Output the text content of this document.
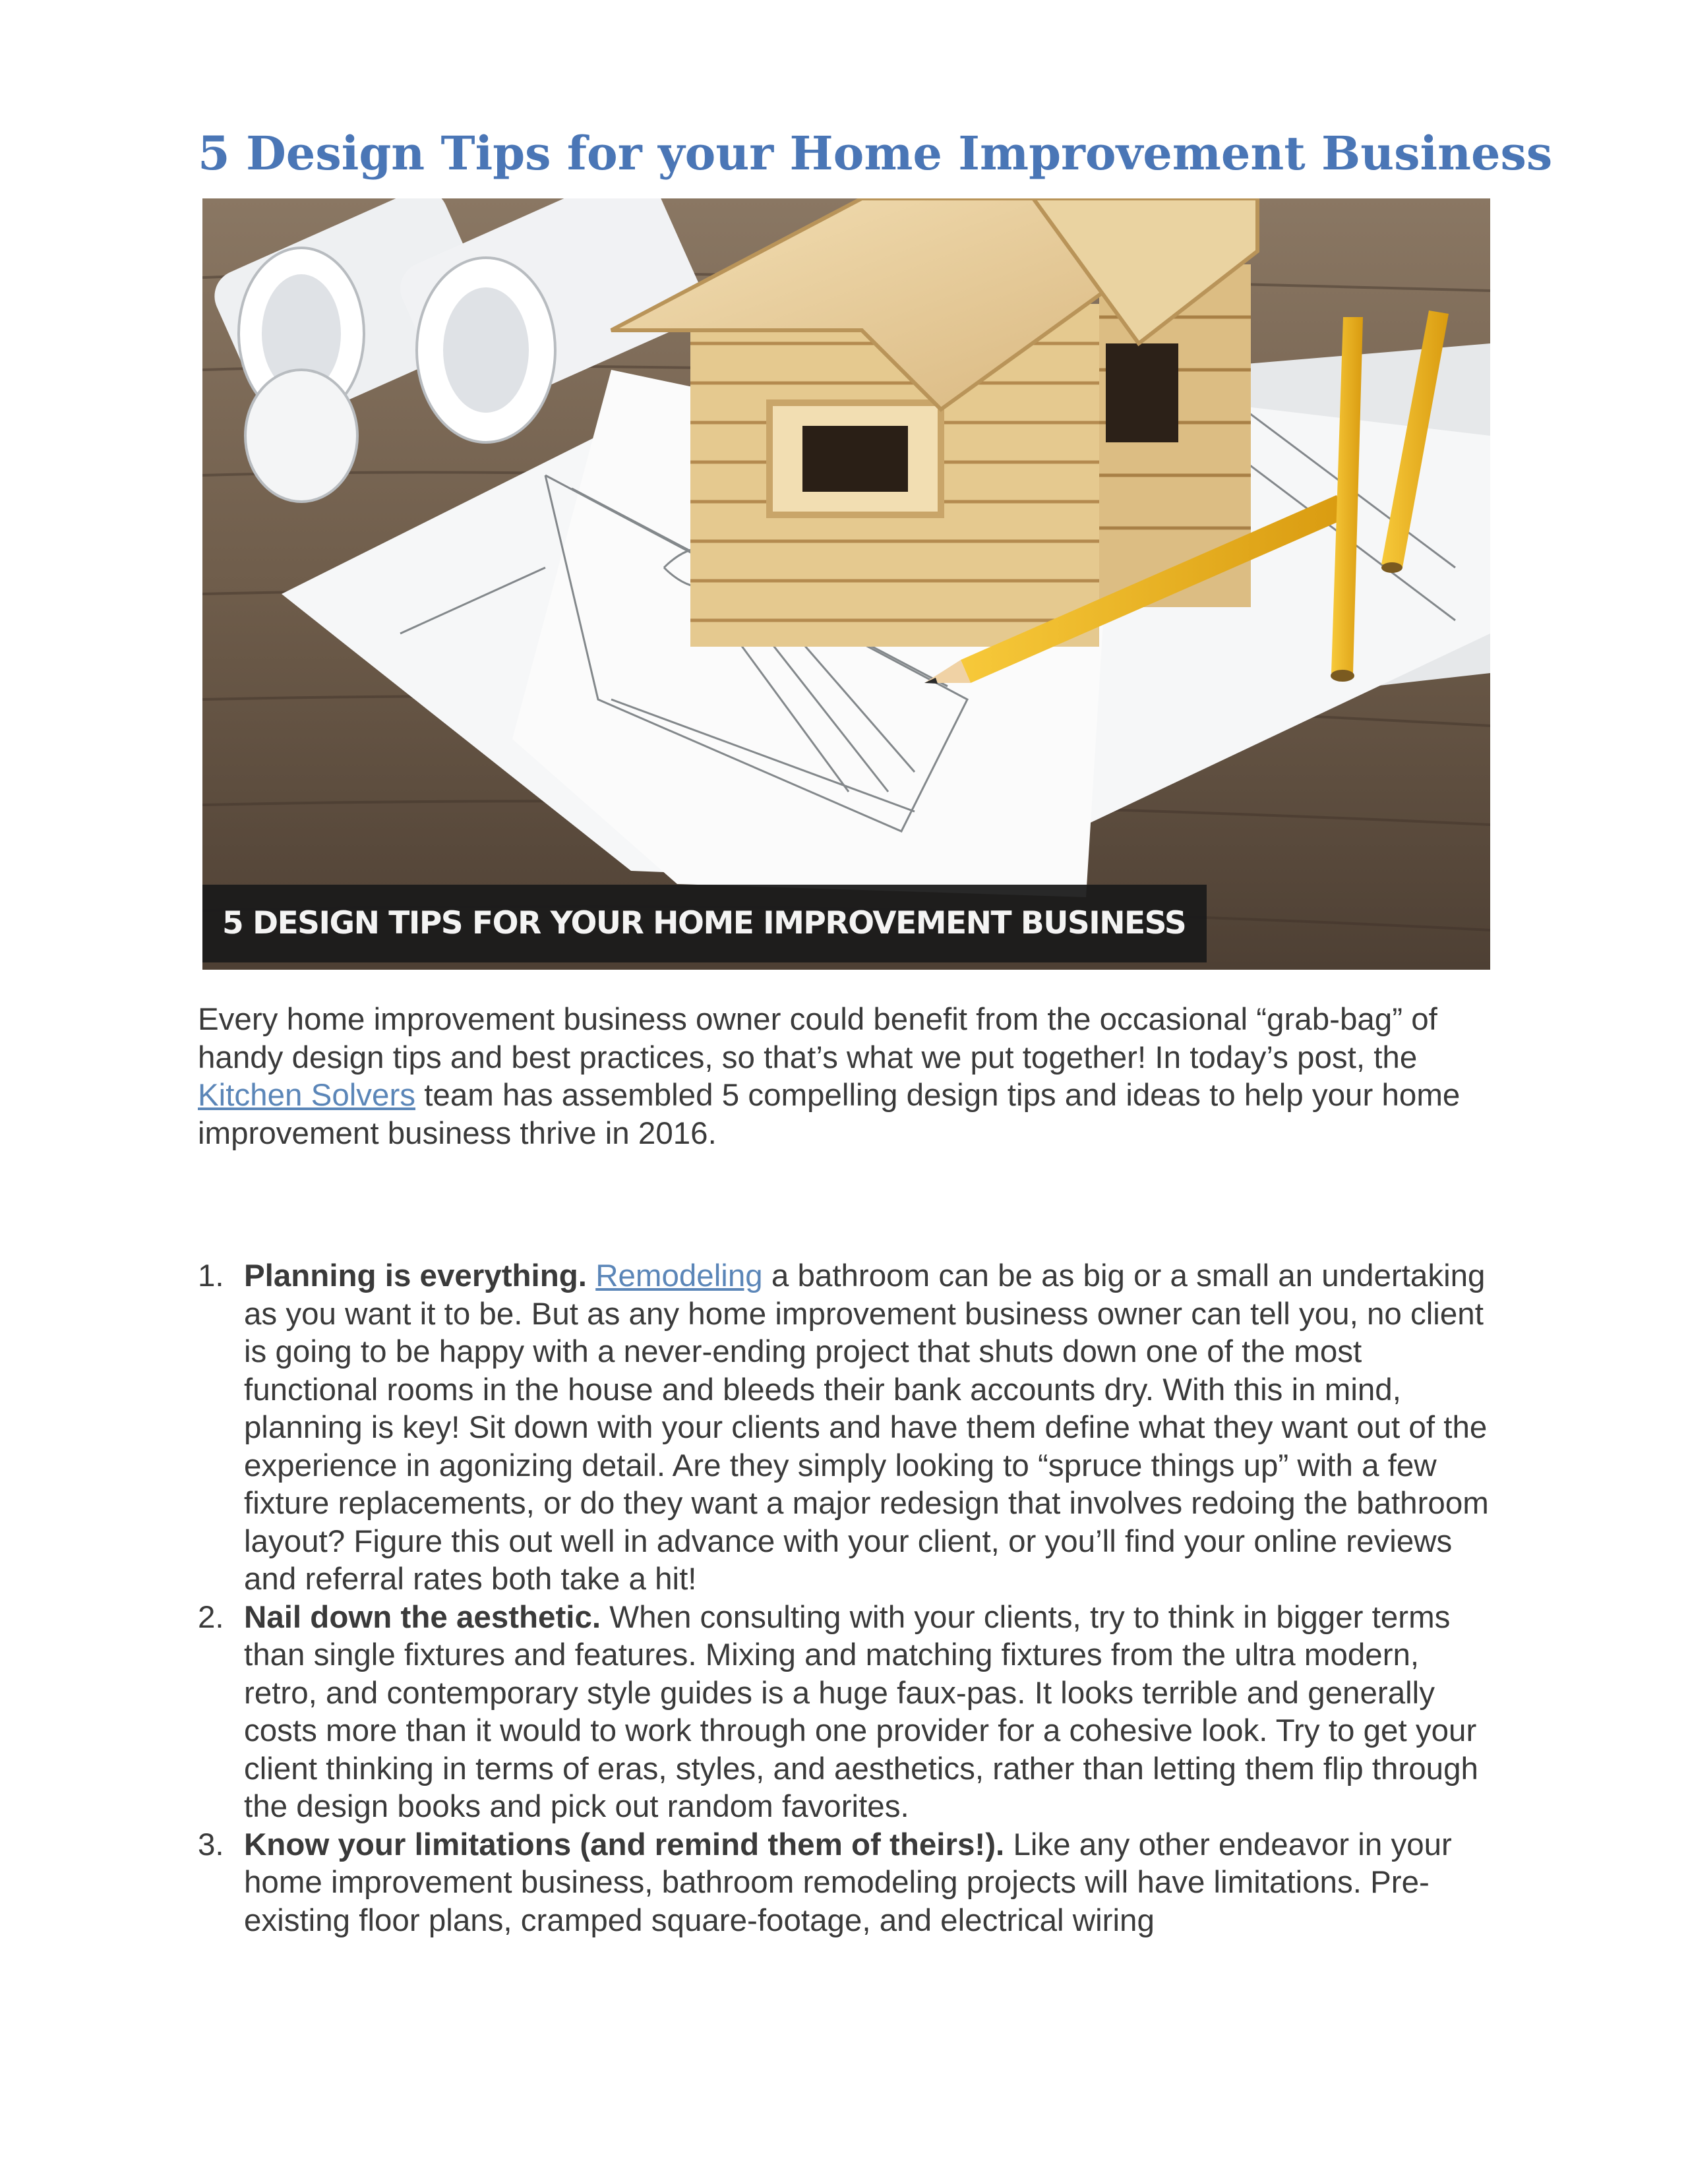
5 Design Tips for your Home Improvement Business
5 DESIGN TIPS FOR YOUR HOME IMPROVEMENT BUSINESS

Every home improvement business owner could benefit from the occasional “grab-bag” of handy design tips and best practices, so that’s what we put together! In today’s post, the Kitchen Solvers team has assembled 5 compelling design tips and ideas to help your home improvement business thrive in 2016.

1. Planning is everything. Remodeling a bathroom can be as big or a small an undertaking as you want it to be. But as any home improvement business owner can tell you, no client is going to be happy with a never-ending project that shuts down one of the most functional rooms in the house and bleeds their bank accounts dry. With this in mind, planning is key! Sit down with your clients and have them define what they want out of the experience in agonizing detail. Are they simply looking to “spruce things up” with a few fixture replacements, or do they want a major redesign that involves redoing the bathroom layout? Figure this out well in advance with your client, or you’ll find your online reviews and referral rates both take a hit!
2. Nail down the aesthetic. When consulting with your clients, try to think in bigger terms than single fixtures and features. Mixing and matching fixtures from the ultra modern, retro, and contemporary style guides is a huge faux-pas. It looks terrible and generally costs more than it would to work through one provider for a cohesive look. Try to get your client thinking in terms of eras, styles, and aesthetics, rather than letting them flip through the design books and pick out random favorites.
3. Know your limitations (and remind them of theirs!). Like any other endeavor in your home improvement business, bathroom remodeling projects will have limitations. Pre-existing floor plans, cramped square-footage, and electrical wiring
